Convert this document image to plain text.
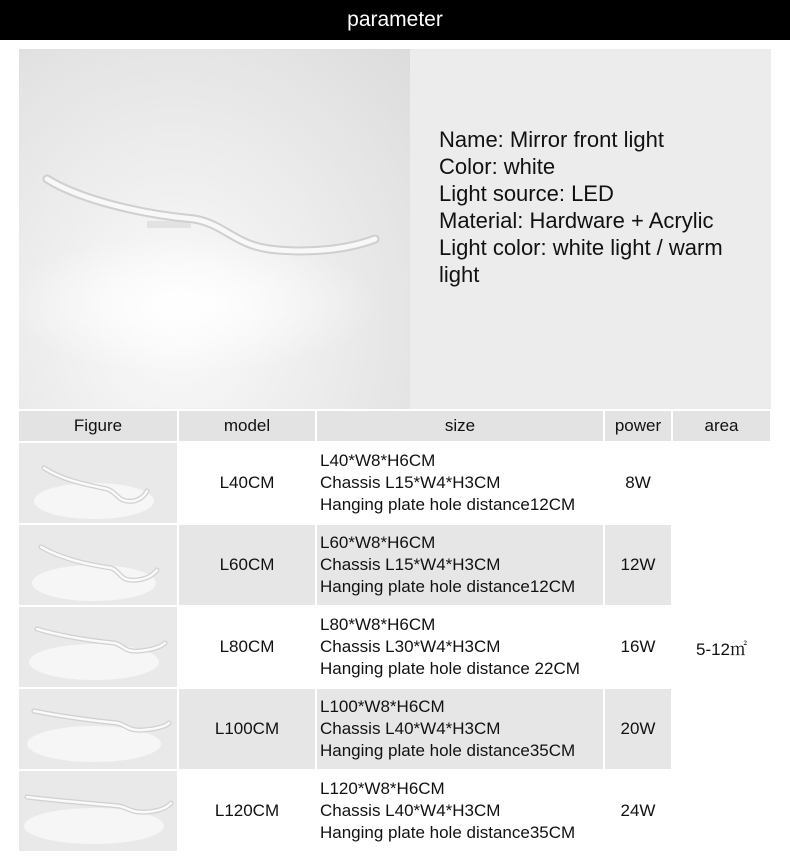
parameter
Name: Mirror front light
Color: white
Light source: LED
Material: Hardware + Acrylic
Light color: white light / warm light
Figure	model	size	power	area

	L40CM	L40*W8*H6CM
Chassis L15*W4*H3CM
Hanging plate hole distance12CM	8W	5-12㎡

	L60CM	L60*W8*H6CM
Chassis L15*W4*H3CM
Hanging plate hole distance12CM	12W	

	L80CM	L80*W8*H6CM
Chassis L30*W4*H3CM
Hanging plate hole distance 22CM	16W	

	L100CM	L100*W8*H6CM
Chassis L40*W4*H3CM
Hanging plate hole distance35CM	20W	

	L120CM	L120*W8*H6CM
Chassis L40*W4*H3CM
Hanging plate hole distance35CM	24W	
